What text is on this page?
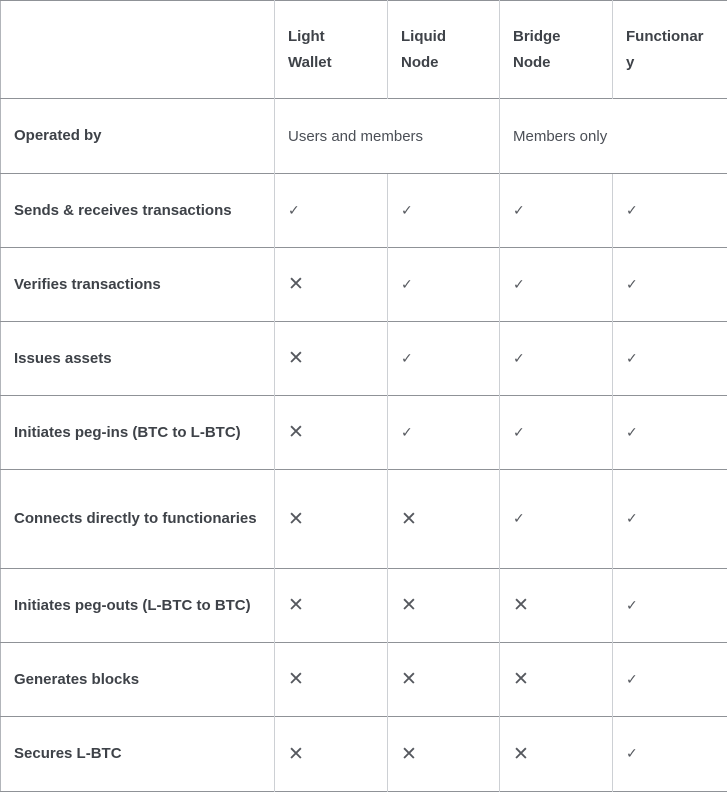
	Light Wallet	Liquid Node	Bridge Node	Functionary
Operated by	Users and members		Members only	
Sends & receives transactions	✓	✓	✓	✓
Verifies transactions	✕	✓	✓	✓
Issues assets	✕	✓	✓	✓
Initiates peg-ins (BTC to L-BTC)	✕	✓	✓	✓
Connects directly to functionaries	✕	✕	✓	✓
Initiates peg-outs (L-BTC to BTC)	✕	✕	✕	✓
Generates blocks	✕	✕	✕	✓
Secures L-BTC	✕	✕	✕	✓
